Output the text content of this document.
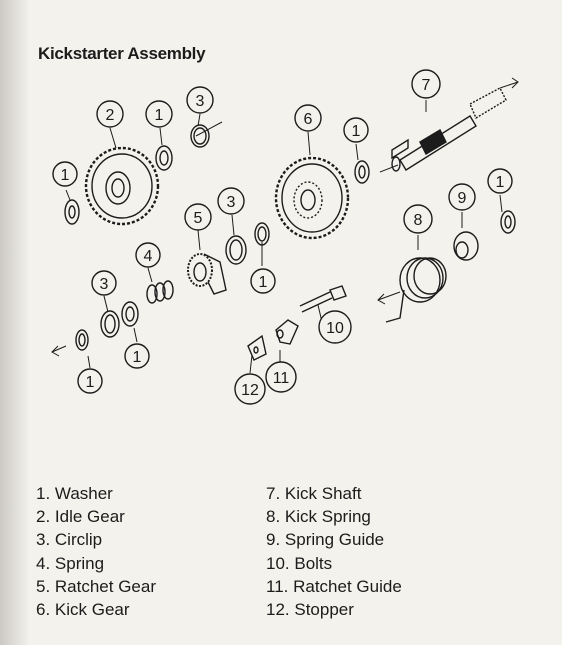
Kickstarter Assembly
1
2	1
3
6
1
7
5
3
4
3	1
8
9
1
1
1
10
11
12
1. Washer
2. Idle Gear
3. Circlip
4. Spring
5. Ratchet Gear
6. Kick Gear
7. Kick Shaft
8. Kick Spring
9. Spring Guide
10. Bolts
11. Ratchet Guide
12. Stopper
